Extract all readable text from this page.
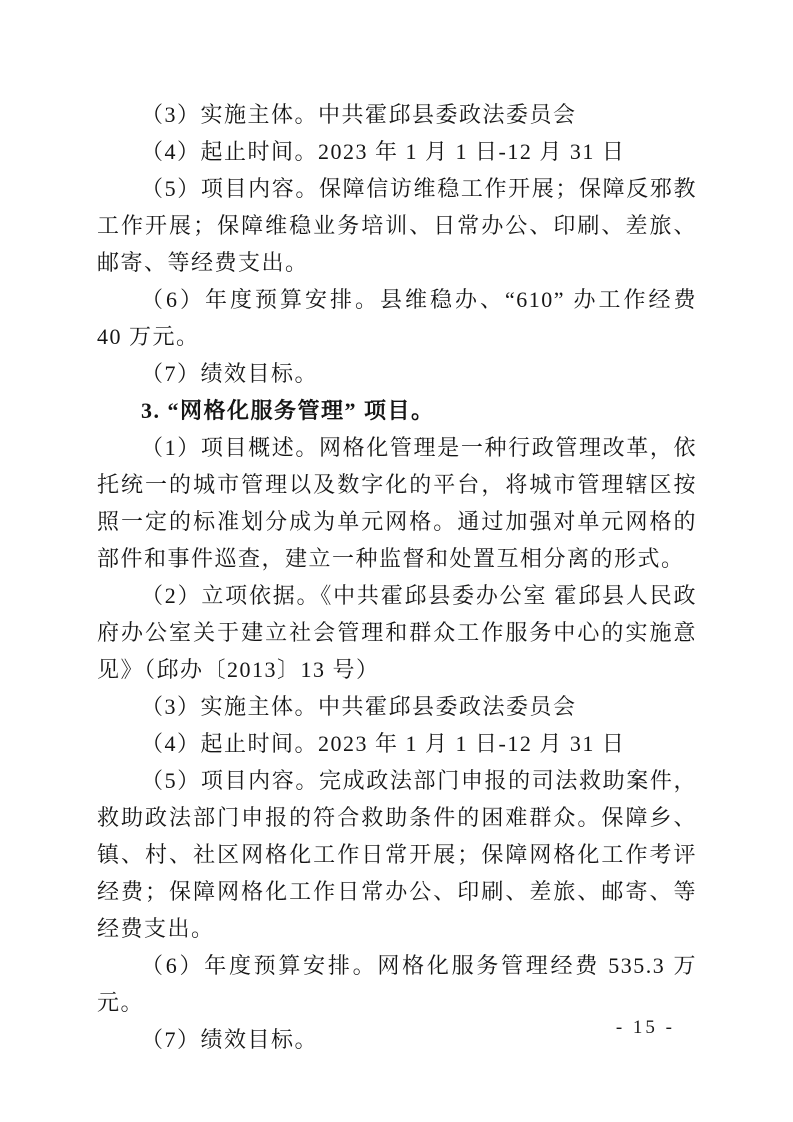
（3）实施主体。中共霍邱县委政法委员会

（4）起止时间。2023 年 1 月 1 日-12 月 31 日

（5）项目内容。保障信访维稳工作开展；保障反邪教工作开展；保障维稳业务培训、日常办公、印刷、差旅、邮寄、等经费支出。

（6）年度预算安排。县维稳办、“610” 办工作经费 40 万元。

（7）绩效目标。

3. “网格化服务管理” 项目。

（1）项目概述。网格化管理是一种行政管理改革，依托统一的城市管理以及数字化的平台，将城市管理辖区按照一定的标准划分成为单元网格。通过加强对单元网格的部件和事件巡查，建立一种监督和处置互相分离的形式。

（2）立项依据。《中共霍邱县委办公室 霍邱县人民政府办公室关于建立社会管理和群众工作服务中心的实施意见》（邱办〔2013〕13 号）

（3）实施主体。中共霍邱县委政法委员会

（4）起止时间。2023 年 1 月 1 日-12 月 31 日

（5）项目内容。完成政法部门申报的司法救助案件，救助政法部门申报的符合救助条件的困难群众。保障乡、镇、村、社区网格化工作日常开展；保障网格化工作考评经费；保障网格化工作日常办公、印刷、差旅、邮寄、等经费支出。

（6）年度预算安排。网格化服务管理经费 535.3 万元。

（7）绩效目标。	- 15 -
